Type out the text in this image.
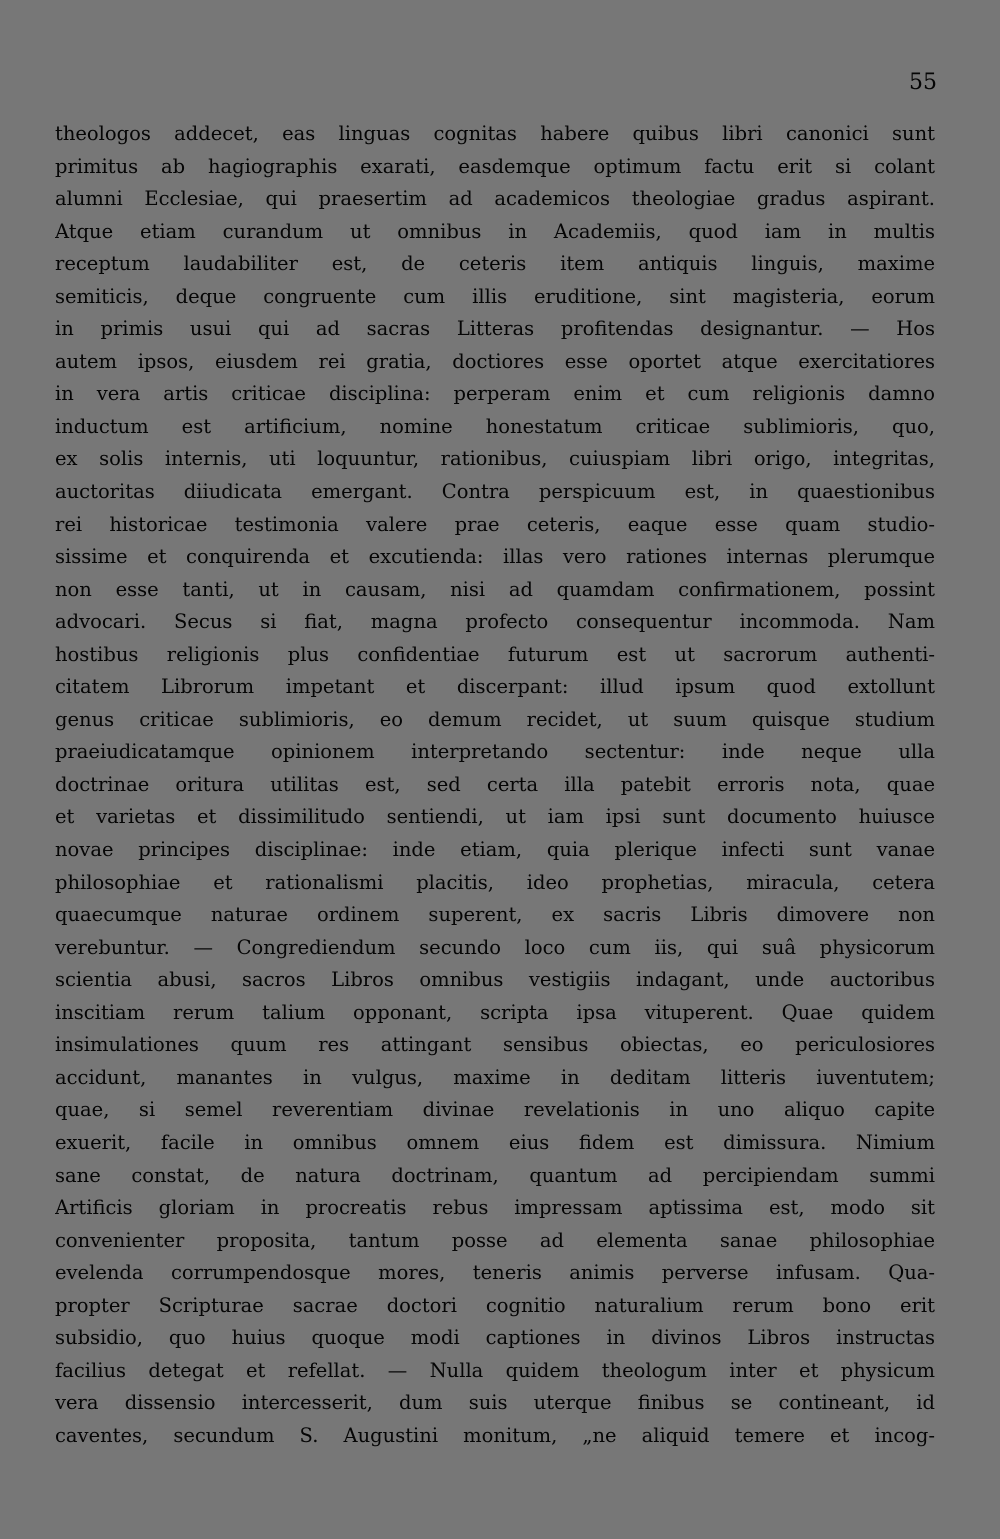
55
theologos addecet, eas linguas cognitas habere quibus libri canonici sunt
primitus ab hagiographis exarati, easdemque optimum factu erit si colant
alumni Ecclesiae, qui praesertim ad academicos theologiae gradus aspirant.
Atque etiam curandum ut omnibus in Academiis, quod iam in multis
receptum laudabiliter est, de ceteris item antiquis linguis, maxime
semiticis, deque congruente cum illis eruditione, sint magisteria, eorum
in primis usui qui ad sacras Litteras profitendas designantur. — Hos
autem ipsos, eiusdem rei gratia, doctiores esse oportet atque exercitatiores
in vera artis criticae disciplina: perperam enim et cum religionis damno
inductum est artificium, nomine honestatum criticae sublimioris, quo,
ex solis internis, uti loquuntur, rationibus, cuiuspiam libri origo, integritas,
auctoritas diiudicata emergant. Contra perspicuum est, in quaestionibus
rei historicae testimonia valere prae ceteris, eaque esse quam studio-
sissime et conquirenda et excutienda: illas vero rationes internas plerumque
non esse tanti, ut in causam, nisi ad quamdam confirmationem, possint
advocari. Secus si fiat, magna profecto consequentur incommoda. Nam
hostibus religionis plus confidentiae futurum est ut sacrorum authenti-
citatem Librorum impetant et discerpant: illud ipsum quod extollunt
genus criticae sublimioris, eo demum recidet, ut suum quisque studium
praeiudicatamque opinionem interpretando sectentur: inde neque ulla
doctrinae oritura utilitas est, sed certa illa patebit erroris nota, quae
et varietas et dissimilitudo sentiendi, ut iam ipsi sunt documento huiusce
novae principes disciplinae: inde etiam, quia plerique infecti sunt vanae
philosophiae et rationalismi placitis, ideo prophetias, miracula, cetera
quaecumque naturae ordinem superent, ex sacris Libris dimovere non
verebuntur. — Congrediendum secundo loco cum iis, qui suâ physicorum
scientia abusi, sacros Libros omnibus vestigiis indagant, unde auctoribus
inscitiam rerum talium opponant, scripta ipsa vituperent. Quae quidem
insimulationes quum res attingant sensibus obiectas, eo periculosiores
accidunt, manantes in vulgus, maxime in deditam litteris iuventutem;
quae, si semel reverentiam divinae revelationis in uno aliquo capite
exuerit, facile in omnibus omnem eius fidem est dimissura. Nimium
sane constat, de natura doctrinam, quantum ad percipiendam summi
Artificis gloriam in procreatis rebus impressam aptissima est, modo sit
convenienter proposita, tantum posse ad elementa sanae philosophiae
evelenda corrumpendosque mores, teneris animis perverse infusam. Qua-
propter Scripturae sacrae doctori cognitio naturalium rerum bono erit
subsidio, quo huius quoque modi captiones in divinos Libros instructas
facilius detegat et refellat. — Nulla quidem theologum inter et physicum
vera dissensio intercesserit, dum suis uterque finibus se contineant, id
caventes, secundum S. Augustini monitum, „ne aliquid temere et incog-
